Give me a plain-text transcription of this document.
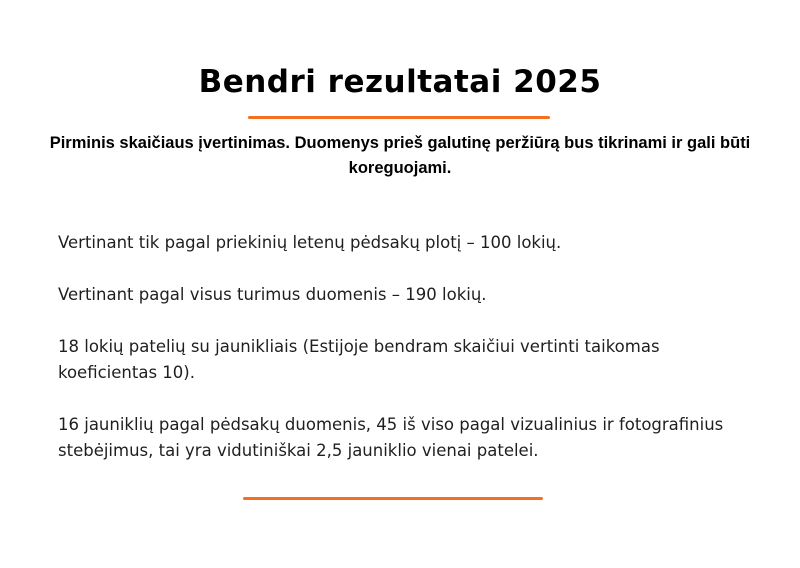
Bendri rezultatai 2025

Pirminis skaičiaus įvertinimas. Duomenys prieš galutinę peržiūrą bus tikrinami ir gali būti koreguojami.

Vertinant tik pagal priekinių letenų pėdsakų plotį – 100 lokių.

Vertinant pagal visus turimus duomenis – 190 lokių.

18 lokių patelių su jaunikliais (Estijoje bendram skaičiui vertinti taikomas koeficientas 10).

16 jauniklių pagal pėdsakų duomenis, 45 iš viso pagal vizualinius ir fotografinius stebėjimus, tai yra vidutiniškai 2,5 jauniklio vienai patelei.
